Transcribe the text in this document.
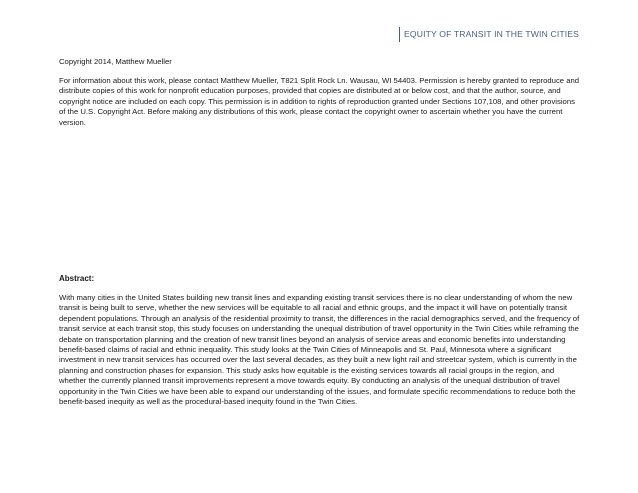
EQUITY OF TRANSIT IN THE TWIN CITIES

Copyright 2014, Matthew Mueller

For information about this work, please contact Matthew Mueller, T821 Split Rock Ln. Wausau, WI 54403. Permission is hereby granted to reproduce and distribute copies of this work for nonprofit education purposes, provided that copies are distributed at or below cost, and that the author, source, and copyright notice are included on each copy. This permission is in addition to rights of reproduction granted under Sections 107,108, and other provisions of the U.S. Copyright Act. Before making any distributions of this work, please contact the copyright owner to ascertain whether you have the current version.

Abstract:

With many cities in the United States building new transit lines and expanding existing transit services there is no clear understanding of whom the new transit is being built to serve, whether the new services will be equitable to all racial and ethnic groups, and the impact it will have on potentially transit dependent populations. Through an analysis of the residential proximity to transit, the differences in the racial demographics served, and the frequency of transit service at each transit stop, this study focuses on understanding the unequal distribution of travel opportunity in the Twin Cities while reframing the debate on transportation planning and the creation of new transit lines beyond an analysis of service areas and economic benefits into understanding benefit-based claims of racial and ethnic inequality. This study looks at the Twin Cities of Minneapolis and St. Paul, Minnesota where a significant investment in new transit services has occurred over the last several decades, as they built a new light rail and streetcar system, which is currently in the planning and construction phases for expansion. This study asks how equitable is the existing services towards all racial groups in the region, and whether the currently planned transit improvements represent a move towards equity. By conducting an analysis of the unequal distribution of travel opportunity in the Twin Cities we have been able to expand our understanding of the issues, and formulate specific recommendations to reduce both the benefit-based inequity as well as the procedural-based inequity found in the Twin Cities.
